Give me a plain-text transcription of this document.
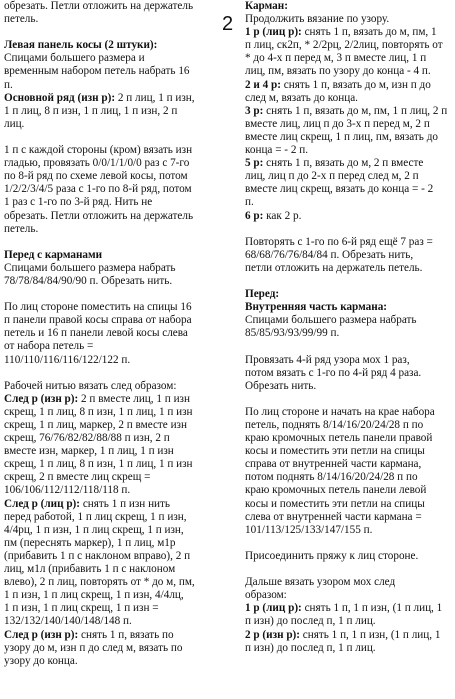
обрезать. Петли отложить на держатель
петель.
Левая панель косы (2 штуки):
Спицами большего размера и
временным набором петель набрать 16
п.
Основной ряд (изн р): 2 п лиц, 1 п изн,
1 п лиц, 8 п изн, 1 п лиц, 1 п изн, 2 п
лиц.
1 п с каждой стороны (кром) вязать изн
гладью, провязать 0/0/1/1/0/0 раз с 7-го
по 8-й ряд по схеме левой косы, потом
1/2/2/3/4/5 раза с 1-го по 8-й ряд, потом
1 раз с 1-го по 3-й ряд. Нить не
обрезать. Петли отложить на держатель
петель.
Перед с карманами
Спицами большего размера набрать
78/78/84/84/90/90 п. Обрезать нить.
По лиц стороне поместить на спицы 16
п панели правой косы справа от набора
петель и 16 п панели левой косы слева
от набора петель =
110/110/116/116/122/122 п.
Рабочей нитью вязать след образом:
След р (изн р): 2 п вместе лиц, 1 п изн
скрещ, 1 п лиц, 8 п изн, 1 п лиц, 1 п изн
скрещ, 1 п лиц, маркер, 2 п вместе изн
скрещ, 76/76/82/82/88/88 п изн, 2 п
вместе изн, маркер, 1 п лиц, 1 п изн
скрещ, 1 п лиц, 8 п изн, 1 п лиц, 1 п изн
скрещ, 2 п вместе лиц скрещ =
106/106/112/112/118/118 п.
След р (лиц р): снять 1 п изн нить
перед работой, 1 п лиц скрещ, 1 п изн,
4/4рц, 1 п изн, 1 п лиц скрещ, 1 п изн,
пм (переснять маркер), 1 п лиц, м1р
(прибавить 1 п с наклоном вправо), 2 п
лиц, м1л (прибавить 1 п с наклоном
влево), 2 п лиц, повторять от * до м, пм,
1 п изн, 1 п лиц скрещ, 1 п изн, 4/4лц,
1 п изн, 1 п лиц скрещ, 1 п изн =
132/132/140/140/148/148 п.
След р (изн р): снять 1 п, вязать по
узору до м, изн п до след м, вязать по
узору до конца.
2
Карман:
Продолжить вязание по узору.
1 р (лиц р): снять 1 п, вязать до м, пм, 1
п лиц, ск2п, * 2/2рц, 2/2лиц, повторять от
* до 4-х п перед м, 3 п вместе лиц, 1 п
лиц, пм, вязать по узору до конца - 4 п.
2 и 4 р: снять 1 п, вязать до м, изн п до
след м, вязать до конца.
3 р: снять 1 п, вязать до м, пм, 1 п лиц, 2 п
вместе лиц, лиц п до 3-х п перед м, 2 п
вместе лиц скрещ, 1 п лиц, пм, вязать до
конца = - 2 п.
5 р: снять 1 п, вязать до м, 2 п вместе
лиц, лиц п до 2-х п перед след м, 2 п
вместе лиц скрещ, вязать до конца = - 2
п.
6 р: как 2 р.
Повторять с 1-го по 6-й ряд ещё 7 раз =
68/68/76/76/84/84 п. Обрезать нить,
петли отложить на держатель петель.
Перед:
Внутренняя часть кармана:
Спицами большего размера набрать
85/85/93/93/99/99 п.
Провязать 4-й ряд узора мох 1 раз,
потом вязать с 1-го по 4-й ряд 4 раза.
Обрезать нить.
По лиц стороне и начать на крае набора
петель, поднять 8/14/16/20/24/28 п по
краю кромочных петель панели правой
косы и поместить эти петли на спицы
справа от внутренней части кармана,
потом поднять 8/14/16/20/24/28 п по
краю кромочных петель панели левой
косы и поместить эти петли на спицы
слева от внутренней части кармана =
101/113/125/133/147/155 п.
Присоединить пряжу к лиц стороне.
Дальше вязать узором мох след
образом:
1 р (лиц р): снять 1 п, 1 п изн, (1 п лиц, 1
п изн) до послед п, 1 п лиц.
2 р (изн р): снять 1 п, 1 п изн, (1 п лиц, 1
п изн) до послед п, 1 п лиц.
